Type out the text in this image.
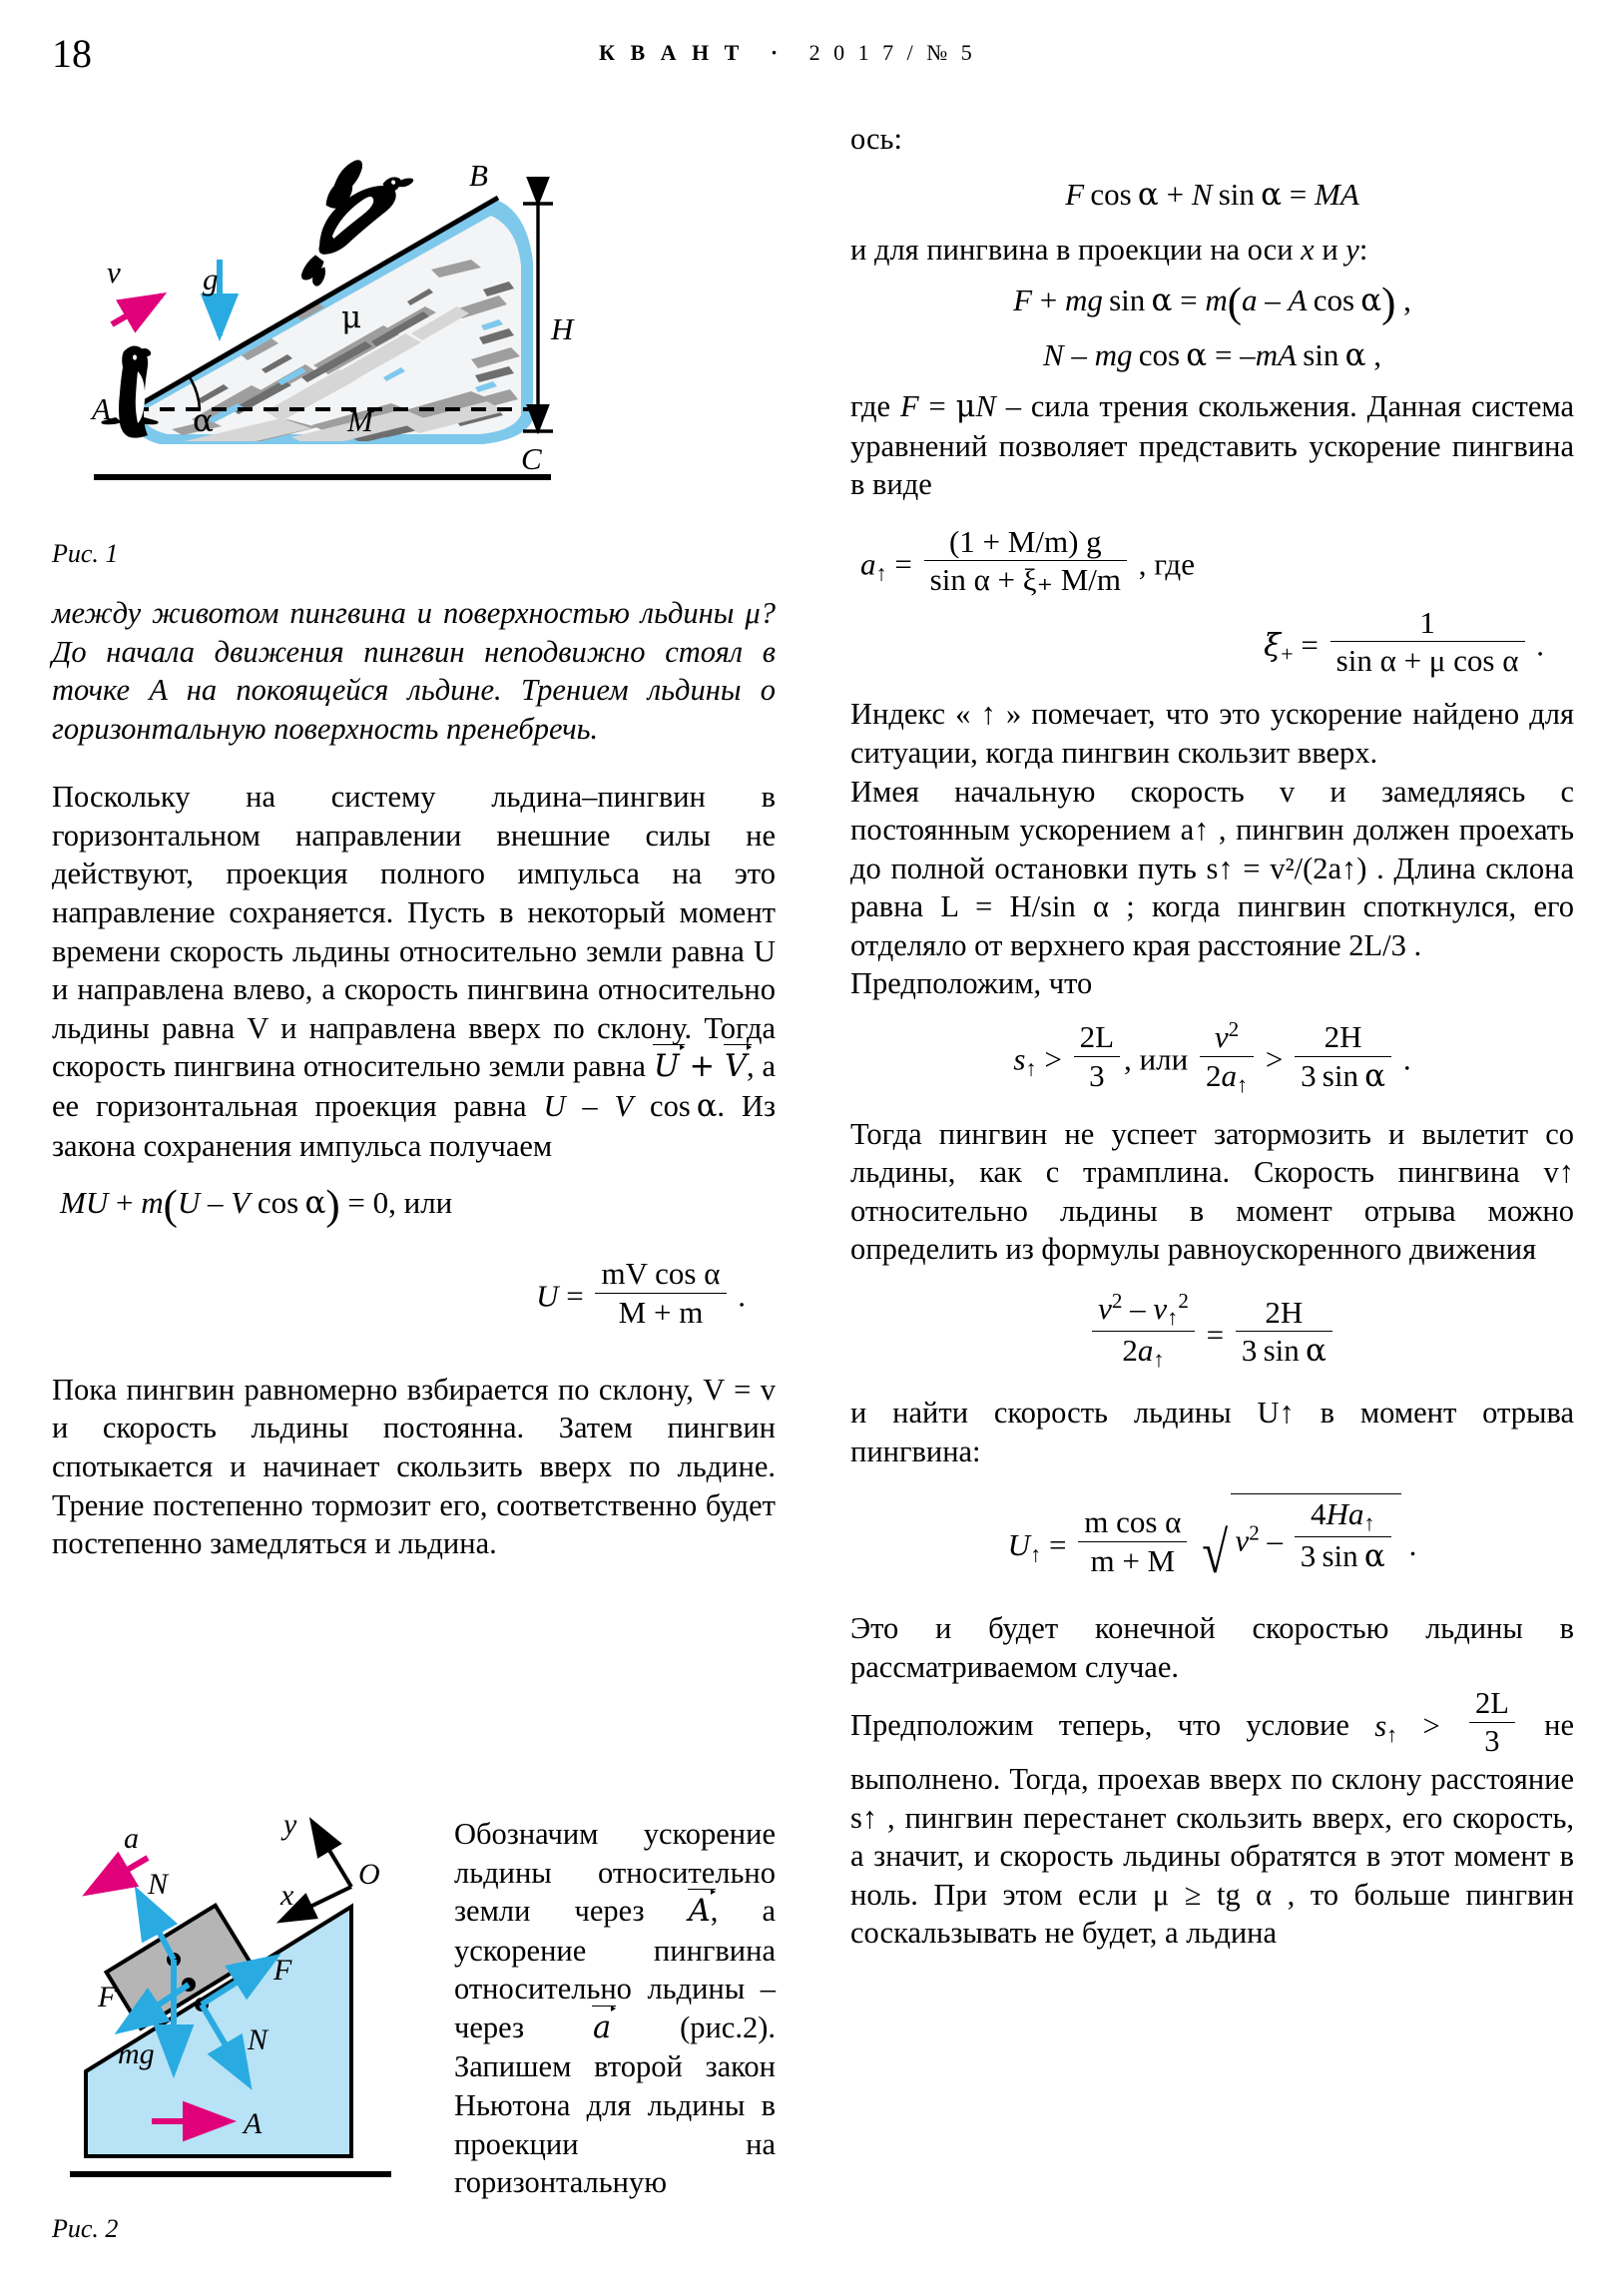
18	К В А Н Т · 2 0 1 7 / № 5
B
H
g
v
μ
A	α	M
C
Рис. 1

между животом пингвина и поверхностью льдины μ? До начала движения пингвин неподвижно стоял в точке A на покоящейся льдине. Трением льдины о горизонтальную поверхность пренебречь.

Поскольку на систему льдина–пингвин в горизонтальном направлении внешние силы не действуют, проекция полного импульса на это направление сохраняется. Пусть в некоторый момент времени скорость льдины относительно земли равна U и направлена влево, а скорость пингвина относительно льдины равна V и направлена вверх по склону. Тогда скорость пингвина относительно земли равна U + V, а ее горизонтальная проекция равна U – V cos α. Из закона сохранения импульса получаем

MU + m(U – V cos α) = 0, или
$U = \frac{\text{mV cos α}}{M + m}$ .

Пока пингвин равномерно взбирается по склону, V = v и скорость льдины постоянна. Затем пингвин спотыкается и начинает скользить вверх по льдине. Трение постепенно тормозит его, соответственно будет постепенно замедляться и льдина.

Обозначим ускорение льдины относительно земли через A, а ускорение пингвина относительно льдины – через a (рис.2). Запишем второй закон Ньютона для льдины в проекции на горизонтальную
a
N
F
mg
y
x
O
F
N
A
Рис. 2

ось:

F cos α + N sin α = MA

и для пингвина в проекции на оси x и y:

F + mg sin α = m(a – A cos α) ,
N – mg cos α = –mA sin α ,

где F = μN – сила трения скольжения. Данная система уравнений позволяет представить ускорение пингвина в виде

$a_↑ = \frac{(1 + M/m) g}{\text{sin α + ξ₊ M/m}}$ , где
$\xi_+ = \frac{1}{\text{sin α + μ cos α}}$ .

Индекс « ↑ » помечает, что это ускорение найдено для ситуации, когда пингвин скользит вверх.

Имея начальную скорость v и замедляясь с постоянным ускорением a↑ , пингвин должен проехать до полной остановки путь s↑ = v²/(2a↑) . Длина склона равна L = H/sin α ; когда пингвин споткнулся, его отделяло от верхнего края расстояние 2L/3 .

Предположим, что

$s_↑ > \frac{2L}{3}$ , или $\frac{v^2}{2a_↑} > \frac{2H}{\text{3 sin α}}$ .

Тогда пингвин не успеет затормозить и вылетит со льдины, как с трамплина. Скорость пингвина v↑ относительно льдины в момент отрыва можно определить из формулы равноускоренного движения

$\frac{v^2 - v_↑^2}{2a_↑} = \frac{2H}{\text{3 sin α}}$

и найти скорость льдины U↑ в момент отрыва пингвина:

$U_↑ = \frac{\text{m cos α}}{m + M}$ √ $v^2 - \frac{4Ha_↑}{\text{3 sin α}}$ .

Это и будет конечной скоростью льдины в рассматриваемом случае.

Предположим теперь, что условие $s_↑ > \frac{2L}{3}$ не выполнено. Тогда, проехав вверх по склону расстояние s↑ , пингвин перестанет скользить вверх, его скорость, а значит, и скорость льдины обратятся в этот момент в ноль. При этом если μ ≥ tg α , то больше пингвин соскальзывать не будет, а льдина
